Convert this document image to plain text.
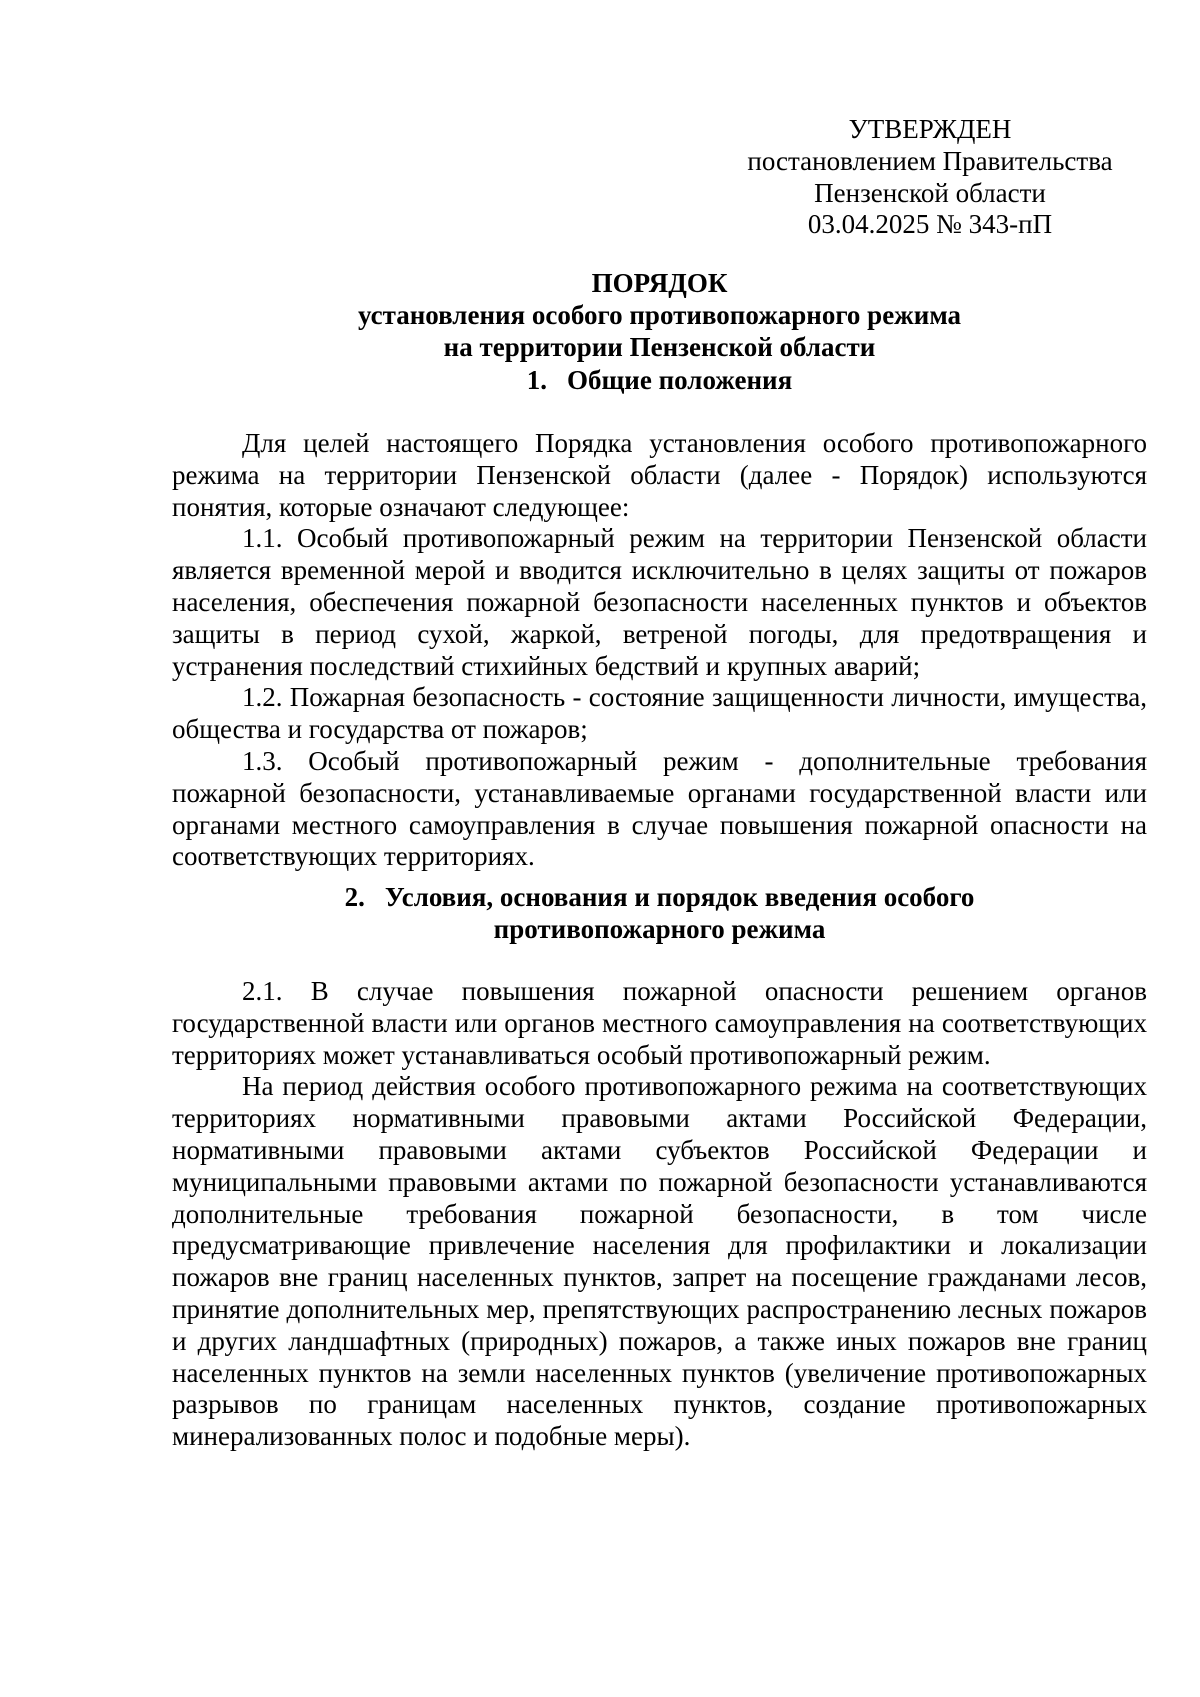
УТВЕРЖДЕН
постановлением Правительства
Пензенской области
03.04.2025 № 343-пП
ПОРЯДОК
установления особого противопожарного режима
на территории Пензенской области
1. Общие положения

Для целей настоящего Порядка установления особого противопожарного режима на территории Пензенской области (далее - Порядок) используются понятия, которые означают следующее:

1.1. Особый противопожарный режим на территории Пензенской области является временной мерой и вводится исключительно в целях защиты от пожаров населения, обеспечения пожарной безопасности населенных пунктов и объектов защиты в период сухой, жаркой, ветреной погоды, для предотвращения и устранения последствий стихийных бедствий и крупных аварий;

1.2. Пожарная безопасность - состояние защищенности личности, имущества, общества и государства от пожаров;

1.3. Особый противопожарный режим - дополнительные требования пожарной безопасности, устанавливаемые органами государственной власти или органами местного самоуправления в случае повышения пожарной опасности на соответствующих территориях.

2. Условия, основания и порядок введения особого
противопожарного режима

2.1. В случае повышения пожарной опасности решением органов государственной власти или органов местного самоуправления на соответствующих территориях может устанавливаться особый противопожарный режим.

На период действия особого противопожарного режима на соответствующих территориях нормативными правовыми актами Российской Федерации, нормативными правовыми актами субъектов Российской Федерации и муниципальными правовыми актами по пожарной безопасности устанавливаются дополнительные требования пожарной безопасности, в том числе предусматривающие привлечение населения для профилактики и локализации пожаров вне границ населенных пунктов, запрет на посещение гражданами лесов, принятие дополнительных мер, препятствующих распространению лесных пожаров и других ландшафтных (природных) пожаров, а также иных пожаров вне границ населенных пунктов на земли населенных пунктов (увеличение противопожарных разрывов по границам населенных пунктов, создание противопожарных минерализованных полос и подобные меры).
